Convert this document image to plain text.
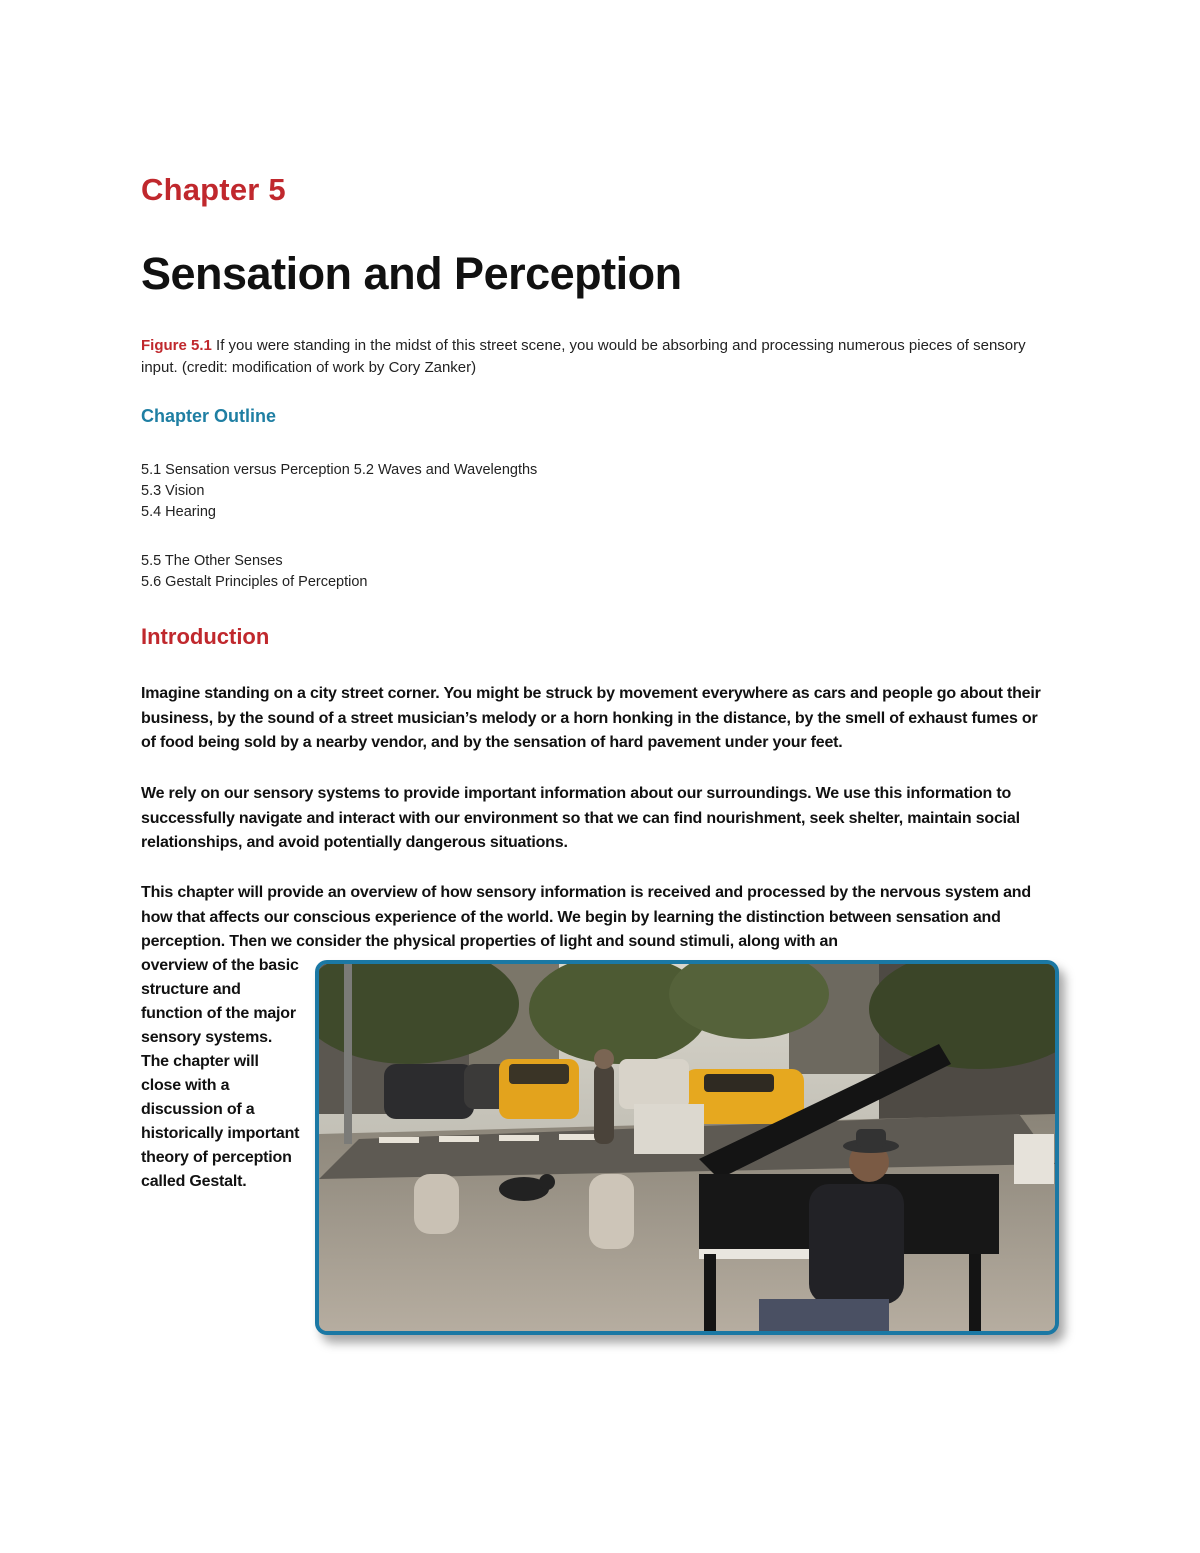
Chapter 5
Sensation and Perception

Figure 5.1 If you were standing in the midst of this street scene, you would be absorbing and processing numerous pieces of sensory input. (credit: modification of work by Cory Zanker)

Chapter Outline
5.1 Sensation versus Perception 5.2 Waves and Wavelengths
5.3 Vision
5.4 Hearing
5.5 The Other Senses
5.6 Gestalt Principles of Perception
Introduction

Imagine standing on a city street corner. You might be struck by movement everywhere as cars and people go about their business, by the sound of a street musician’s melody or a horn honking in the distance, by the smell of exhaust fumes or of food being sold by a nearby vendor, and by the sensation of hard pavement under your feet.

We rely on our sensory systems to provide important information about our surroundings. We use this information to successfully navigate and interact with our environment so that we can find nourishment, seek shelter, maintain social relationships, and avoid potentially dangerous situations.

This chapter will provide an overview of how sensory information is received and processed by the nervous system and how that affects our conscious experience of the world. We begin by learning the distinction between sensation and perception. Then we consider the physical properties of light and sound stimuli, along with an

overview of the basic structure and function of the major sensory systems. The chapter will close with a discussion of a historically important theory of perception called Gestalt.
